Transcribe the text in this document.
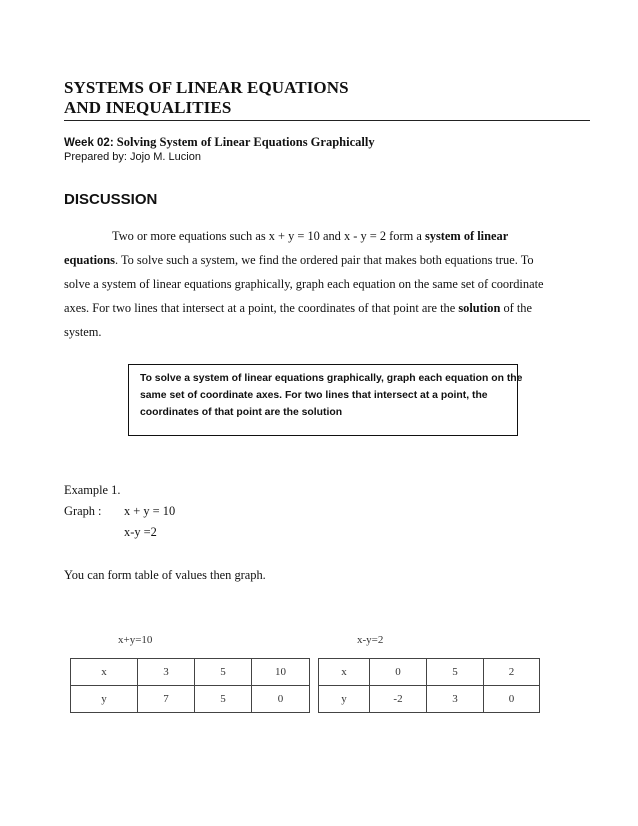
SYSTEMS OF LINEAR EQUATIONS
AND INEQUALITIES
Week 02: Solving System of Linear Equations Graphically
Prepared by: Jojo M. Lucion
DISCUSSION
Two or more equations such as x + y = 10 and x - y = 2 form a system of linear
equations. To solve such a system, we find the ordered pair that makes both equations true. To
solve a system of linear equations graphically, graph each equation on the same set of coordinate
axes. For two lines that intersect at a point, the coordinates of that point are the solution of the
system.
To solve a system of linear equations graphically, graph each equation on the
same set of coordinate axes. For two lines that intersect at a point, the
coordinates of that point are the solution
Example 1.
Graph : x + y = 10
x-y =2
You can form table of values then graph.
x+y=10
x	3	5	10
y	7	5	0
x-y=2
x	0	5	2
y	-2	3	0
